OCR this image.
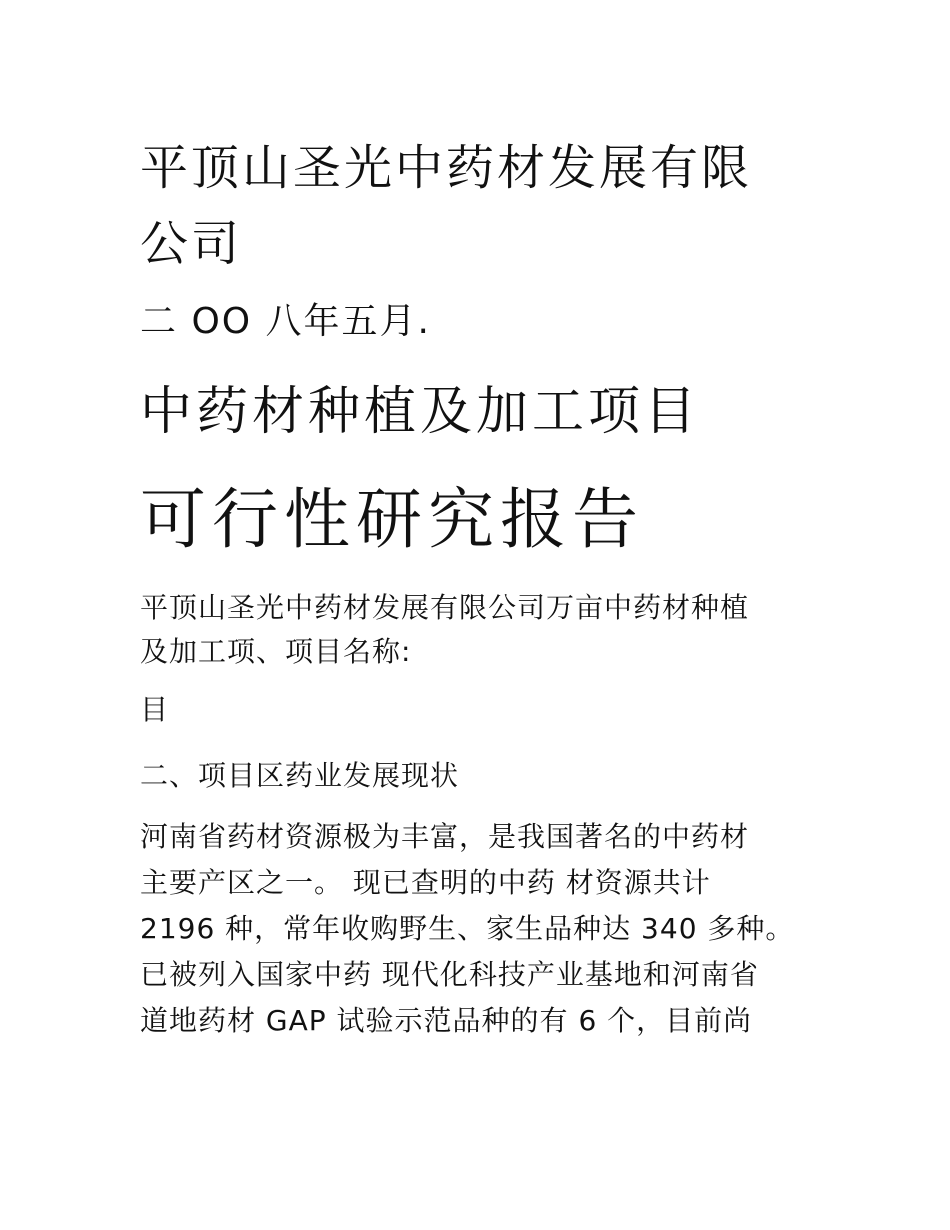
平顶山圣光中药材发展有限
公司
二 OO 八年五月.
中药材种植及加工项目
可行性研究报告
平顶山圣光中药材发展有限公司万亩中药材种植
及加工项、项目名称:
目
二、项目区药业发展现状
河南省药材资源极为丰富，是我国著名的中药材
主要产区之一。 现已查明的中药 材资源共计
2196 种，常年收购野生、家生品种达 340 多种。
已被列入国家中药 现代化科技产业基地和河南省
道地药材 GAP 试验示范品种的有 6 个，目前尚
